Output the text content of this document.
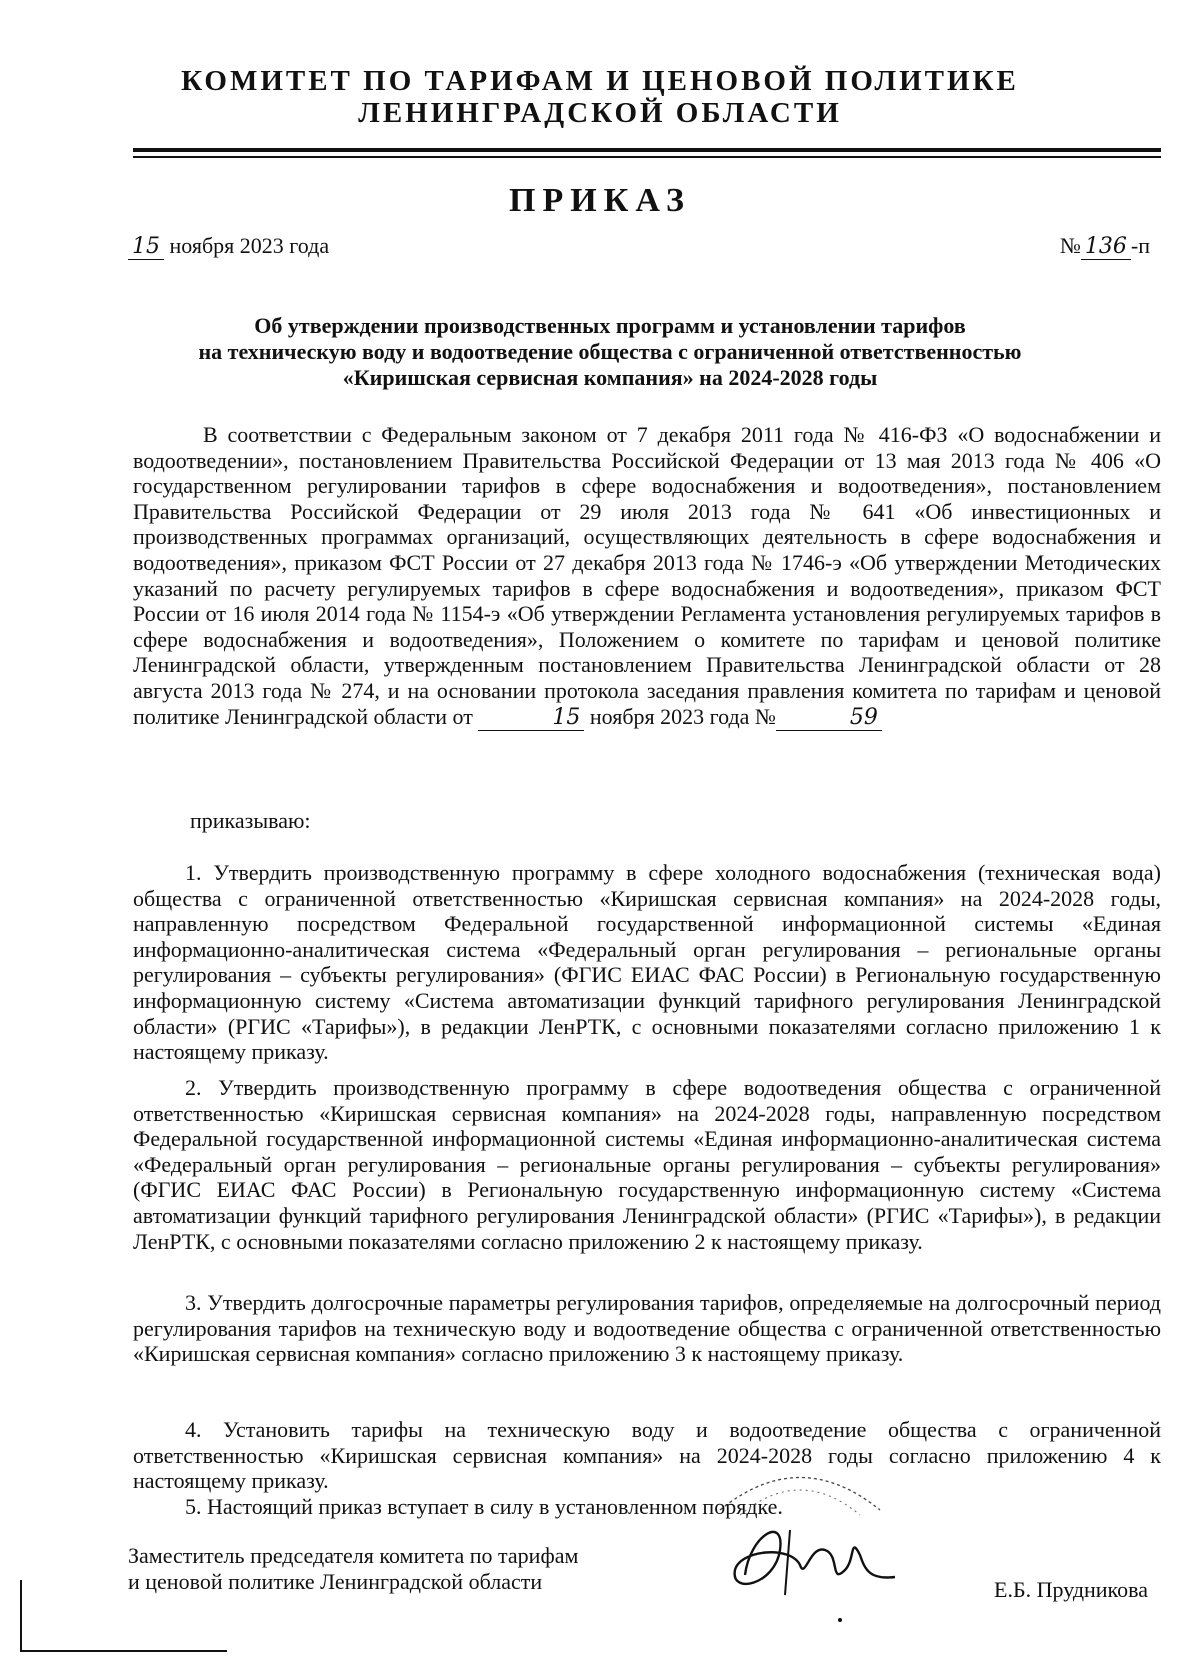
КОМИТЕТ ПО ТАРИФАМ И ЦЕНОВОЙ ПОЛИТИКЕ
ЛЕНИНГРАДСКОЙ ОБЛАСТИ
ПРИКАЗ
15 ноября 2023 года	№ 136 -п
Об утверждении производственных программ и установлении тарифов
на техническую воду и водоотведение общества с ограниченной ответственностью
«Киришская сервисная компания» на 2024-2028 годы
В соответствии с Федеральным законом от 7 декабря 2011 года № 416-ФЗ «О водоснабжении и водоотведении», постановлением Правительства Российской Федерации от 13 мая 2013 года № 406 «О государственном регулировании тарифов в сфере водоснабжения и водоотведения», постановлением Правительства Российской Федерации от 29 июля 2013 года № 641 «Об инвестиционных и производственных программах организаций, осуществляющих деятельность в сфере водоснабжения и водоотведения», приказом ФСТ России от 27 декабря 2013 года № 1746-э «Об утверждении Методических указаний по расчету регулируемых тарифов в сфере водоснабжения и водоотведения», приказом ФСТ России от 16 июля 2014 года № 1154-э «Об утверждении Регламента установления регулируемых тарифов в сфере водоснабжения и водоотведения», Положением о комитете по тарифам и ценовой политике Ленинградской области, утвержденным постановлением Правительства Ленинградской области от 28 августа 2013 года № 274, и на основании протокола заседания правления комитета по тарифам и ценовой политике Ленинградской области от	15 ноября 2023 года №	59
приказываю:
1. Утвердить производственную программу в сфере холодного водоснабжения (техническая вода) общества с ограниченной ответственностью «Киришская сервисная компания» на 2024-2028 годы, направленную посредством Федеральной государственной информационной системы «Единая информационно-аналитическая система «Федеральный орган регулирования – региональные органы регулирования – субъекты регулирования» (ФГИС ЕИАС ФАС России) в Региональную государственную информационную систему «Система автоматизации функций тарифного регулирования Ленинградской области» (РГИС «Тарифы»), в редакции ЛенРТК, с основными показателями согласно приложению 1 к настоящему приказу.
2. Утвердить производственную программу в сфере водоотведения общества с ограниченной ответственностью «Киришская сервисная компания» на 2024-2028 годы, направленную посредством Федеральной государственной информационной системы «Единая информационно-аналитическая система «Федеральный орган регулирования – региональные органы регулирования – субъекты регулирования» (ФГИС ЕИАС ФАС России) в Региональную государственную информационную систему «Система автоматизации функций тарифного регулирования Ленинградской области» (РГИС «Тарифы»), в редакции ЛенРТК, с основными показателями согласно приложению 2 к настоящему приказу.
3. Утвердить долгосрочные параметры регулирования тарифов, определяемые на долгосрочный период регулирования тарифов на техническую воду и водоотведение общества с ограниченной ответственностью «Киришская сервисная компания» согласно приложению 3 к настоящему приказу.
4. Установить тарифы на техническую воду и водоотведение общества с ограниченной ответственностью «Киришская сервисная компания» на 2024-2028 годы согласно приложению 4 к настоящему приказу.
5. Настоящий приказ вступает в силу в установленном порядке.
Заместитель председателя комитета по тарифам
и ценовой политике Ленинградской области	Е.Б. Прудникова
